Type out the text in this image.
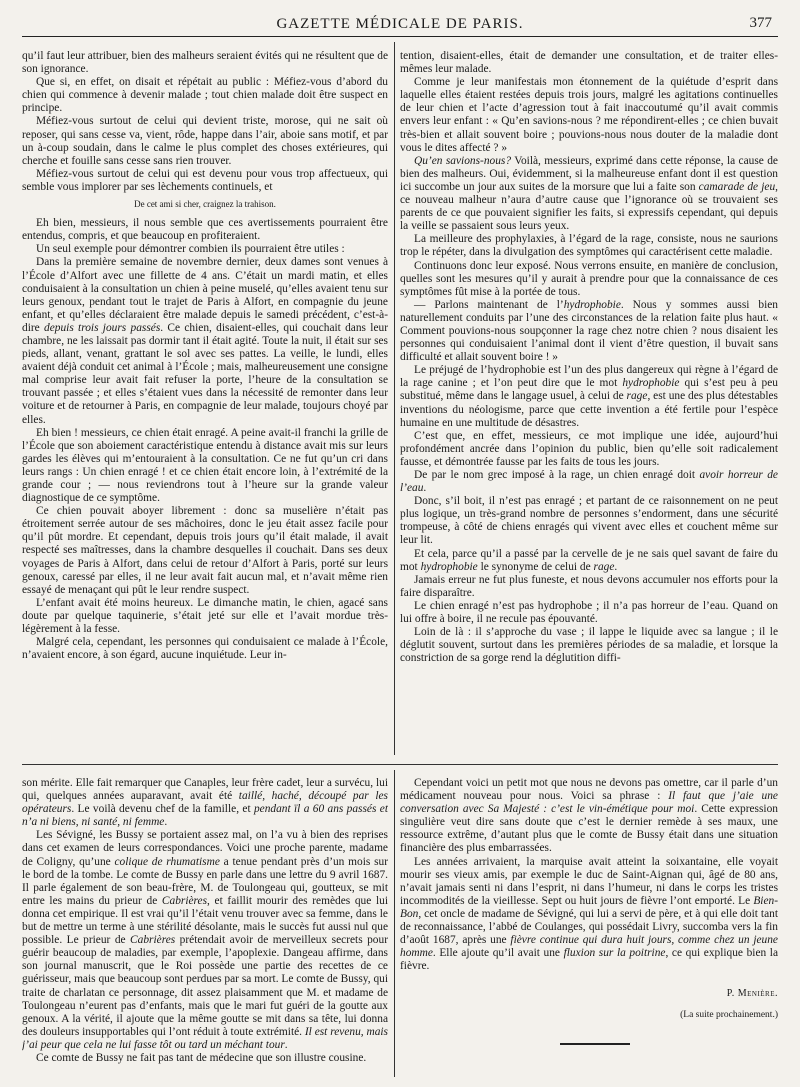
GAZETTE MÉDICALE DE PARIS.	377

qu’il faut leur attribuer, bien des malheurs seraient évités qui ne résultent que de son ignorance.

Que si, en effet, on disait et répétait au public : Méfiez-vous d’abord du chien qui commence à devenir malade ; tout chien malade doit être suspect en principe.

Méfiez-vous surtout de celui qui devient triste, morose, qui ne sait où reposer, qui sans cesse va, vient, rôde, happe dans l’air, aboie sans motif, et par un à-coup soudain, dans le calme le plus complet des choses extérieures, qui cherche et fouille sans cesse sans rien trouver.

Méfiez-vous surtout de celui qui est devenu pour vous trop affectueux, qui semble vous implorer par ses lèchements continuels, et

De cet ami si cher, craignez la trahison.

Eh bien, messieurs, il nous semble que ces avertissements pourraient être entendus, compris, et que beaucoup en profiteraient.

Un seul exemple pour démontrer combien ils pourraient être utiles :

Dans la première semaine de novembre dernier, deux dames sont venues à l’École d’Alfort avec une fillette de 4 ans. C’était un mardi matin, et elles conduisaient à la consultation un chien à peine muselé, qu’elles avaient tenu sur leurs genoux, pendant tout le trajet de Paris à Alfort, en compagnie du jeune enfant, et qu’elles déclaraient être malade depuis le samedi précédent, c’est-à-dire depuis trois jours passés. Ce chien, disaient-elles, qui couchait dans leur chambre, ne les laissait pas dormir tant il était agité. Toute la nuit, il était sur ses pieds, allant, venant, grattant le sol avec ses pattes. La veille, le lundi, elles avaient déjà conduit cet animal à l’École ; mais, malheureusement une consigne mal comprise leur avait fait refuser la porte, l’heure de la consultation se trouvant passée ; et elles s’étaient vues dans la nécessité de remonter dans leur voiture et de retourner à Paris, en compagnie de leur malade, toujours choyé par elles.

Eh bien ! messieurs, ce chien était enragé. A peine avait-il franchi la grille de l’École que son aboiement caractéristique entendu à distance avait mis sur leurs gardes les élèves qui m’entouraient à la consultation. Ce ne fut qu’un cri dans leurs rangs : Un chien enragé ! et ce chien était encore loin, à l’extrémité de la grande cour ; — nous reviendrons tout à l’heure sur la grande valeur diagnostique de ce symptôme.

Ce chien pouvait aboyer librement : donc sa muselière n’était pas étroitement serrée autour de ses mâchoires, donc le jeu était assez facile pour qu’il pût mordre. Et cependant, depuis trois jours qu’il était malade, il avait respecté ses maîtresses, dans la chambre desquelles il couchait. Dans ses deux voyages de Paris à Alfort, dans celui de retour d’Alfort à Paris, porté sur leurs genoux, caressé par elles, il ne leur avait fait aucun mal, et n’avait même rien essayé de menaçant qui pût le leur rendre suspect.

L’enfant avait été moins heureux. Le dimanche matin, le chien, agacé sans doute par quelque taquinerie, s’était jeté sur elle et l’avait mordue très-légèrement à la fesse.

Malgré cela, cependant, les personnes qui conduisaient ce malade à l’École, n’avaient encore, à son égard, aucune inquiétude. Leur in-

tention, disaient-elles, était de demander une consultation, et de traiter elles-mêmes leur malade.

Comme je leur manifestais mon étonnement de la quiétude d’esprit dans laquelle elles étaient restées depuis trois jours, malgré les agitations continuelles de leur chien et l’acte d’agression tout à fait inaccoutumé qu’il avait commis envers leur enfant : « Qu’en savions-nous ? me répondirent-elles ; ce chien buvait très-bien et allait souvent boire ; pouvions-nous nous douter de la maladie dont vous le dites affecté ? »

Qu’en savions-nous? Voilà, messieurs, exprimé dans cette réponse, la cause de bien des malheurs. Oui, évidemment, si la malheureuse enfant dont il est question ici succombe un jour aux suites de la morsure que lui a faite son camarade de jeu, ce nouveau malheur n’aura d’autre cause que l’ignorance où se trouvaient ses parents de ce que pouvaient signifier les faits, si expressifs cependant, qui depuis la veille se passaient sous leurs yeux.

La meilleure des prophylaxies, à l’égard de la rage, consiste, nous ne saurions trop le répéter, dans la divulgation des symptômes qui caractérisent cette maladie.

Continuons donc leur exposé. Nous verrons ensuite, en manière de conclusion, quelles sont les mesures qu’il y aurait à prendre pour que la connaissance de ces symptômes fût mise à la portée de tous.

— Parlons maintenant de l’hydrophobie. Nous y sommes aussi bien naturellement conduits par l’une des circonstances de la relation faite plus haut. « Comment pouvions-nous soupçonner la rage chez notre chien ? nous disaient les personnes qui conduisaient l’animal dont il vient d’être question, il buvait sans difficulté et allait souvent boire ! »

Le préjugé de l’hydrophobie est l’un des plus dangereux qui règne à l’égard de la rage canine ; et l’on peut dire que le mot hydrophobie qui s’est peu à peu substitué, même dans le langage usuel, à celui de rage, est une des plus détestables inventions du néologisme, parce que cette invention a été fertile pour l’espèce humaine en une multitude de désastres.

C’est que, en effet, messieurs, ce mot implique une idée, aujourd’hui profondément ancrée dans l’opinion du public, bien qu’elle soit radicalement fausse, et démontrée fausse par les faits de tous les jours.

De par le nom grec imposé à la rage, un chien enragé doit avoir horreur de l’eau.

Donc, s’il boit, il n’est pas enragé ; et partant de ce raisonnement on ne peut plus logique, un très-grand nombre de personnes s’endorment, dans une sécurité trompeuse, à côté de chiens enragés qui vivent avec elles et couchent même sur leur lit.

Et cela, parce qu’il a passé par la cervelle de je ne sais quel savant de faire du mot hydrophobie le synonyme de celui de rage.

Jamais erreur ne fut plus funeste, et nous devons accumuler nos efforts pour la faire disparaître.

Le chien enragé n’est pas hydrophobe ; il n’a pas horreur de l’eau. Quand on lui offre à boire, il ne recule pas épouvanté.

Loin de là : il s’approche du vase ; il lappe le liquide avec sa langue ; il le déglutit souvent, surtout dans les premières périodes de sa maladie, et lorsque la constriction de sa gorge rend la déglutition diffi-

son mérite. Elle fait remarquer que Canaples, leur frère cadet, leur a survécu, lui qui, quelques années auparavant, avait été taillé, haché, découpé par les opérateurs. Le voilà devenu chef de la famille, et pendant ïl a 60 ans passés et n’a ni biens, ni santé, ni femme.

Les Sévigné, les Bussy se portaient assez mal, on l’a vu à bien des reprises dans cet examen de leurs correspondances. Voici une proche parente, madame de Coligny, qu’une colique de rhumatisme a tenue pendant près d’un mois sur le bord de la tombe. Le comte de Bussy en parle dans une lettre du 9 avril 1687. Il parle également de son beau-frère, M. de Toulongeau qui, goutteux, se mit entre les mains du prieur de Cabrières, et faillit mourir des remèdes que lui donna cet empirique. Il est vrai qu’il l’était venu trouver avec sa femme, dans le but de mettre un terme à une stérilité désolante, mais le succès fut aussi nul que possible. Le prieur de Cabrières prétendait avoir de merveilleux secrets pour guérir beaucoup de maladies, par exemple, l’apoplexie. Dangeau affirme, dans son journal manuscrit, que le Roi possède une partie des recettes de ce guérisseur, mais que beaucoup sont perdues par sa mort. Le comte de Bussy, qui traite de charlatan ce personnage, dit assez plaisamment que M. et madame de Toulongeau n’eurent pas d’enfants, mais que le mari fut guéri de la goutte aux genoux. A la vérité, il ajoute que la même goutte se mit dans sa tête, lui donna des douleurs insupportables qui l’ont réduit à toute extrémité. Il est revenu, mais j’ai peur que cela ne lui fasse tôt ou tard un méchant tour.

Ce comte de Bussy ne fait pas tant de médecine que son illustre cousine.

Cependant voici un petit mot que nous ne devons pas omettre, car il parle d’un médicament nouveau pour nous. Voici sa phrase : Il faut que j’aie une conversation avec Sa Majesté : c’est le vin-émétique pour moi. Cette expression singulière veut dire sans doute que c’est le dernier remède à ses maux, une ressource extrême, d’autant plus que le comte de Bussy était dans une situation financière des plus embarrassées.

Les années arrivaient, la marquise avait atteint la soixantaine, elle voyait mourir ses vieux amis, par exemple le duc de Saint-Aignan qui, âgé de 80 ans, n’avait jamais senti ni dans l’esprit, ni dans l’humeur, ni dans le corps les tristes incommodités de la vieillesse. Sept ou huit jours de fièvre l’ont emporté. Le Bien-Bon, cet oncle de madame de Sévigné, qui lui a servi de père, et à qui elle doit tant de reconnaissance, l’abbé de Coulanges, qui possédait Livry, succomba vers la fin d’août 1687, après une fièvre continue qui dura huit jours, comme chez un jeune homme. Elle ajoute qu’il avait une fluxion sur la poitrine, ce qui explique bien la fièvre.

P. Menière.

(La suite prochainement.)
